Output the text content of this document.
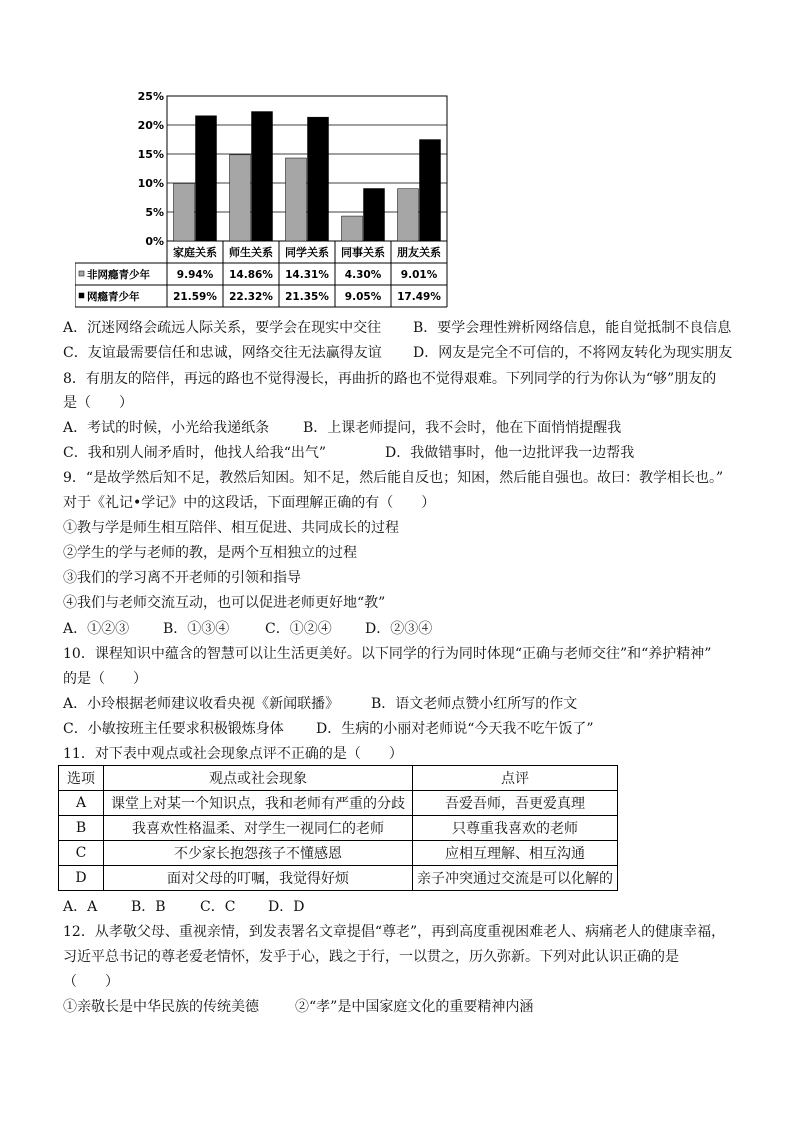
25%
20%
15%
10%
5%
0%
家庭关系 师生关系 同学关系 同事关系 朋友关系
非网瘾青少年	9.94% 14.86% 14.31% 4.30% 9.01%
网瘾青少年	21.59% 22.32% 21.35% 9.05% 17.49%
A．沉迷网络会疏远人际关系，要学会在现实中交往 B．要学会理性辨析网络信息，能自觉抵制不良信息
C．友谊最需要信任和忠诚，网络交往无法赢得友谊 D．网友是完全不可信的，不将网友转化为现实朋友
8．有朋友的陪伴，再远的路也不觉得漫长，再曲折的路也不觉得艰难。下列同学的行为你认为“够”朋友的
是（　　）
A．考试的时候，小光给我递纸条 B．上课老师提问，我不会时，他在下面悄悄提醒我
C．我和别人闹矛盾时，他找人给我“出气”	D．我做错事时，他一边批评我一边帮我
9．“是故学然后知不足，教然后知困。知不足，然后能自反也；知困，然后能自强也。故曰：教学相长也。”
对于《礼记•学记》中的这段话，下面理解正确的有（　　）
①教与学是师生相互陪伴、相互促进、共同成长的过程
②学生的学与老师的教，是两个互相独立的过程
③我们的学习离不开老师的引领和指导
④我们与老师交流互动，也可以促进老师更好地“教”
A．①②③ B．①③④	C．①②④ D．②③④
10．课程知识中蕴含的智慧可以让生活更美好。以下同学的行为同时体现“正确与老师交往”和“养护精神”
的是（　　）
A．小玲根据老师建议收看央视《新闻联播》 B．语文老师点赞小红所写的作文
C．小敏按班主任要求积极锻炼身体 D．生病的小丽对老师说“今天我不吃午饭了”
11．对下表中观点或社会现象点评不正确的是（　　）
选项	观点或社会现象	点评
A	课堂上对某一个知识点，我和老师有严重的分歧	吾爱吾师，吾更爱真理
B	我喜欢性格温柔、对学生一视同仁的老师	只尊重我喜欢的老师
C	不少家长抱怨孩子不懂感恩	应相互理解、相互沟通
D	面对父母的叮嘱，我觉得好烦	亲子冲突通过交流是可以化解的
A．A B．B C．C D．D
12．从孝敬父母、重视亲情，到发表署名文章提倡“尊老”，再到高度重视困难老人、病痛老人的健康幸福，
习近平总书记的尊老爱老情怀，发乎于心，践之于行，一以贯之，历久弥新。下列对此认识正确的是
（　　）
①亲敬长是中华民族的传统美德	②“孝”是中国家庭文化的重要精神内涵
